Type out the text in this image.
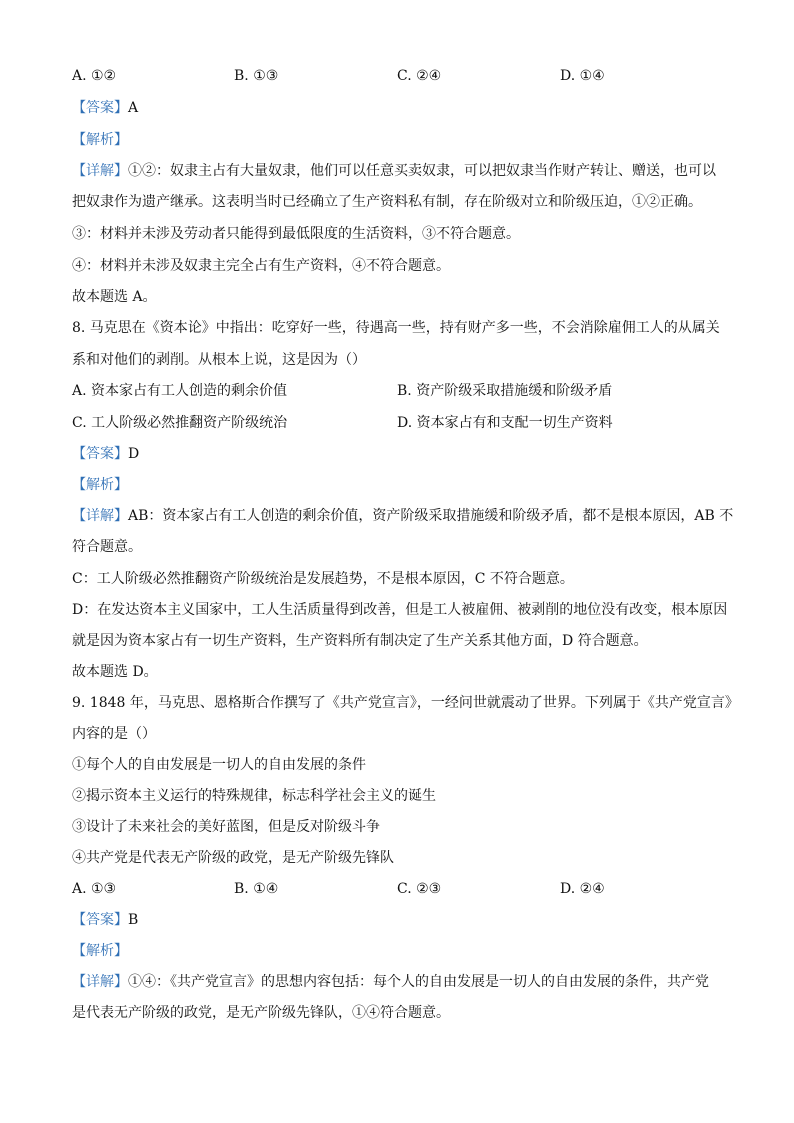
A. ①②	B. ①③	C. ②④	D. ①④
【答案】A
【解析】
【详解】①②：奴隶主占有大量奴隶，他们可以任意买卖奴隶，可以把奴隶当作财产转让、赠送，也可以
把奴隶作为遗产继承。这表明当时已经确立了生产资料私有制，存在阶级对立和阶级压迫，①②正确。
③：材料并未涉及劳动者只能得到最低限度的生活资料，③不符合题意。
④：材料并未涉及奴隶主完全占有生产资料，④不符合题意。
故本题选 A。
8. 马克思在《资本论》中指出：吃穿好一些，待遇高一些，持有财产多一些，不会消除雇佣工人的从属关
系和对他们的剥削。从根本上说，这是因为（）
A. 资本家占有工人创造的剩余价值	B. 资产阶级采取措施缓和阶级矛盾
C. 工人阶级必然推翻资产阶级统治	D. 资本家占有和支配一切生产资料
【答案】D
【解析】
【详解】AB：资本家占有工人创造的剩余价值，资产阶级采取措施缓和阶级矛盾，都不是根本原因，AB 不
符合题意。
C：工人阶级必然推翻资产阶级统治是发展趋势，不是根本原因，C 不符合题意。
D：在发达资本主义国家中，工人生活质量得到改善，但是工人被雇佣、被剥削的地位没有改变，根本原因
就是因为资本家占有一切生产资料，生产资料所有制决定了生产关系其他方面，D 符合题意。
故本题选 D。
9. 1848 年，马克思、恩格斯合作撰写了《共产党宣言》，一经问世就震动了世界。下列属于《共产党宣言》
内容的是（）
①每个人的自由发展是一切人的自由发展的条件
②揭示资本主义运行的特殊规律，标志科学社会主义的诞生
③设计了未来社会的美好蓝图，但是反对阶级斗争
④共产党是代表无产阶级的政党，是无产阶级先锋队
A. ①③	B. ①④	C. ②③	D. ②④
【答案】B
【解析】
【详解】①④：《共产党宣言》的思想内容包括：每个人的自由发展是一切人的自由发展的条件，共产党
是代表无产阶级的政党，是无产阶级先锋队，①④符合题意。
